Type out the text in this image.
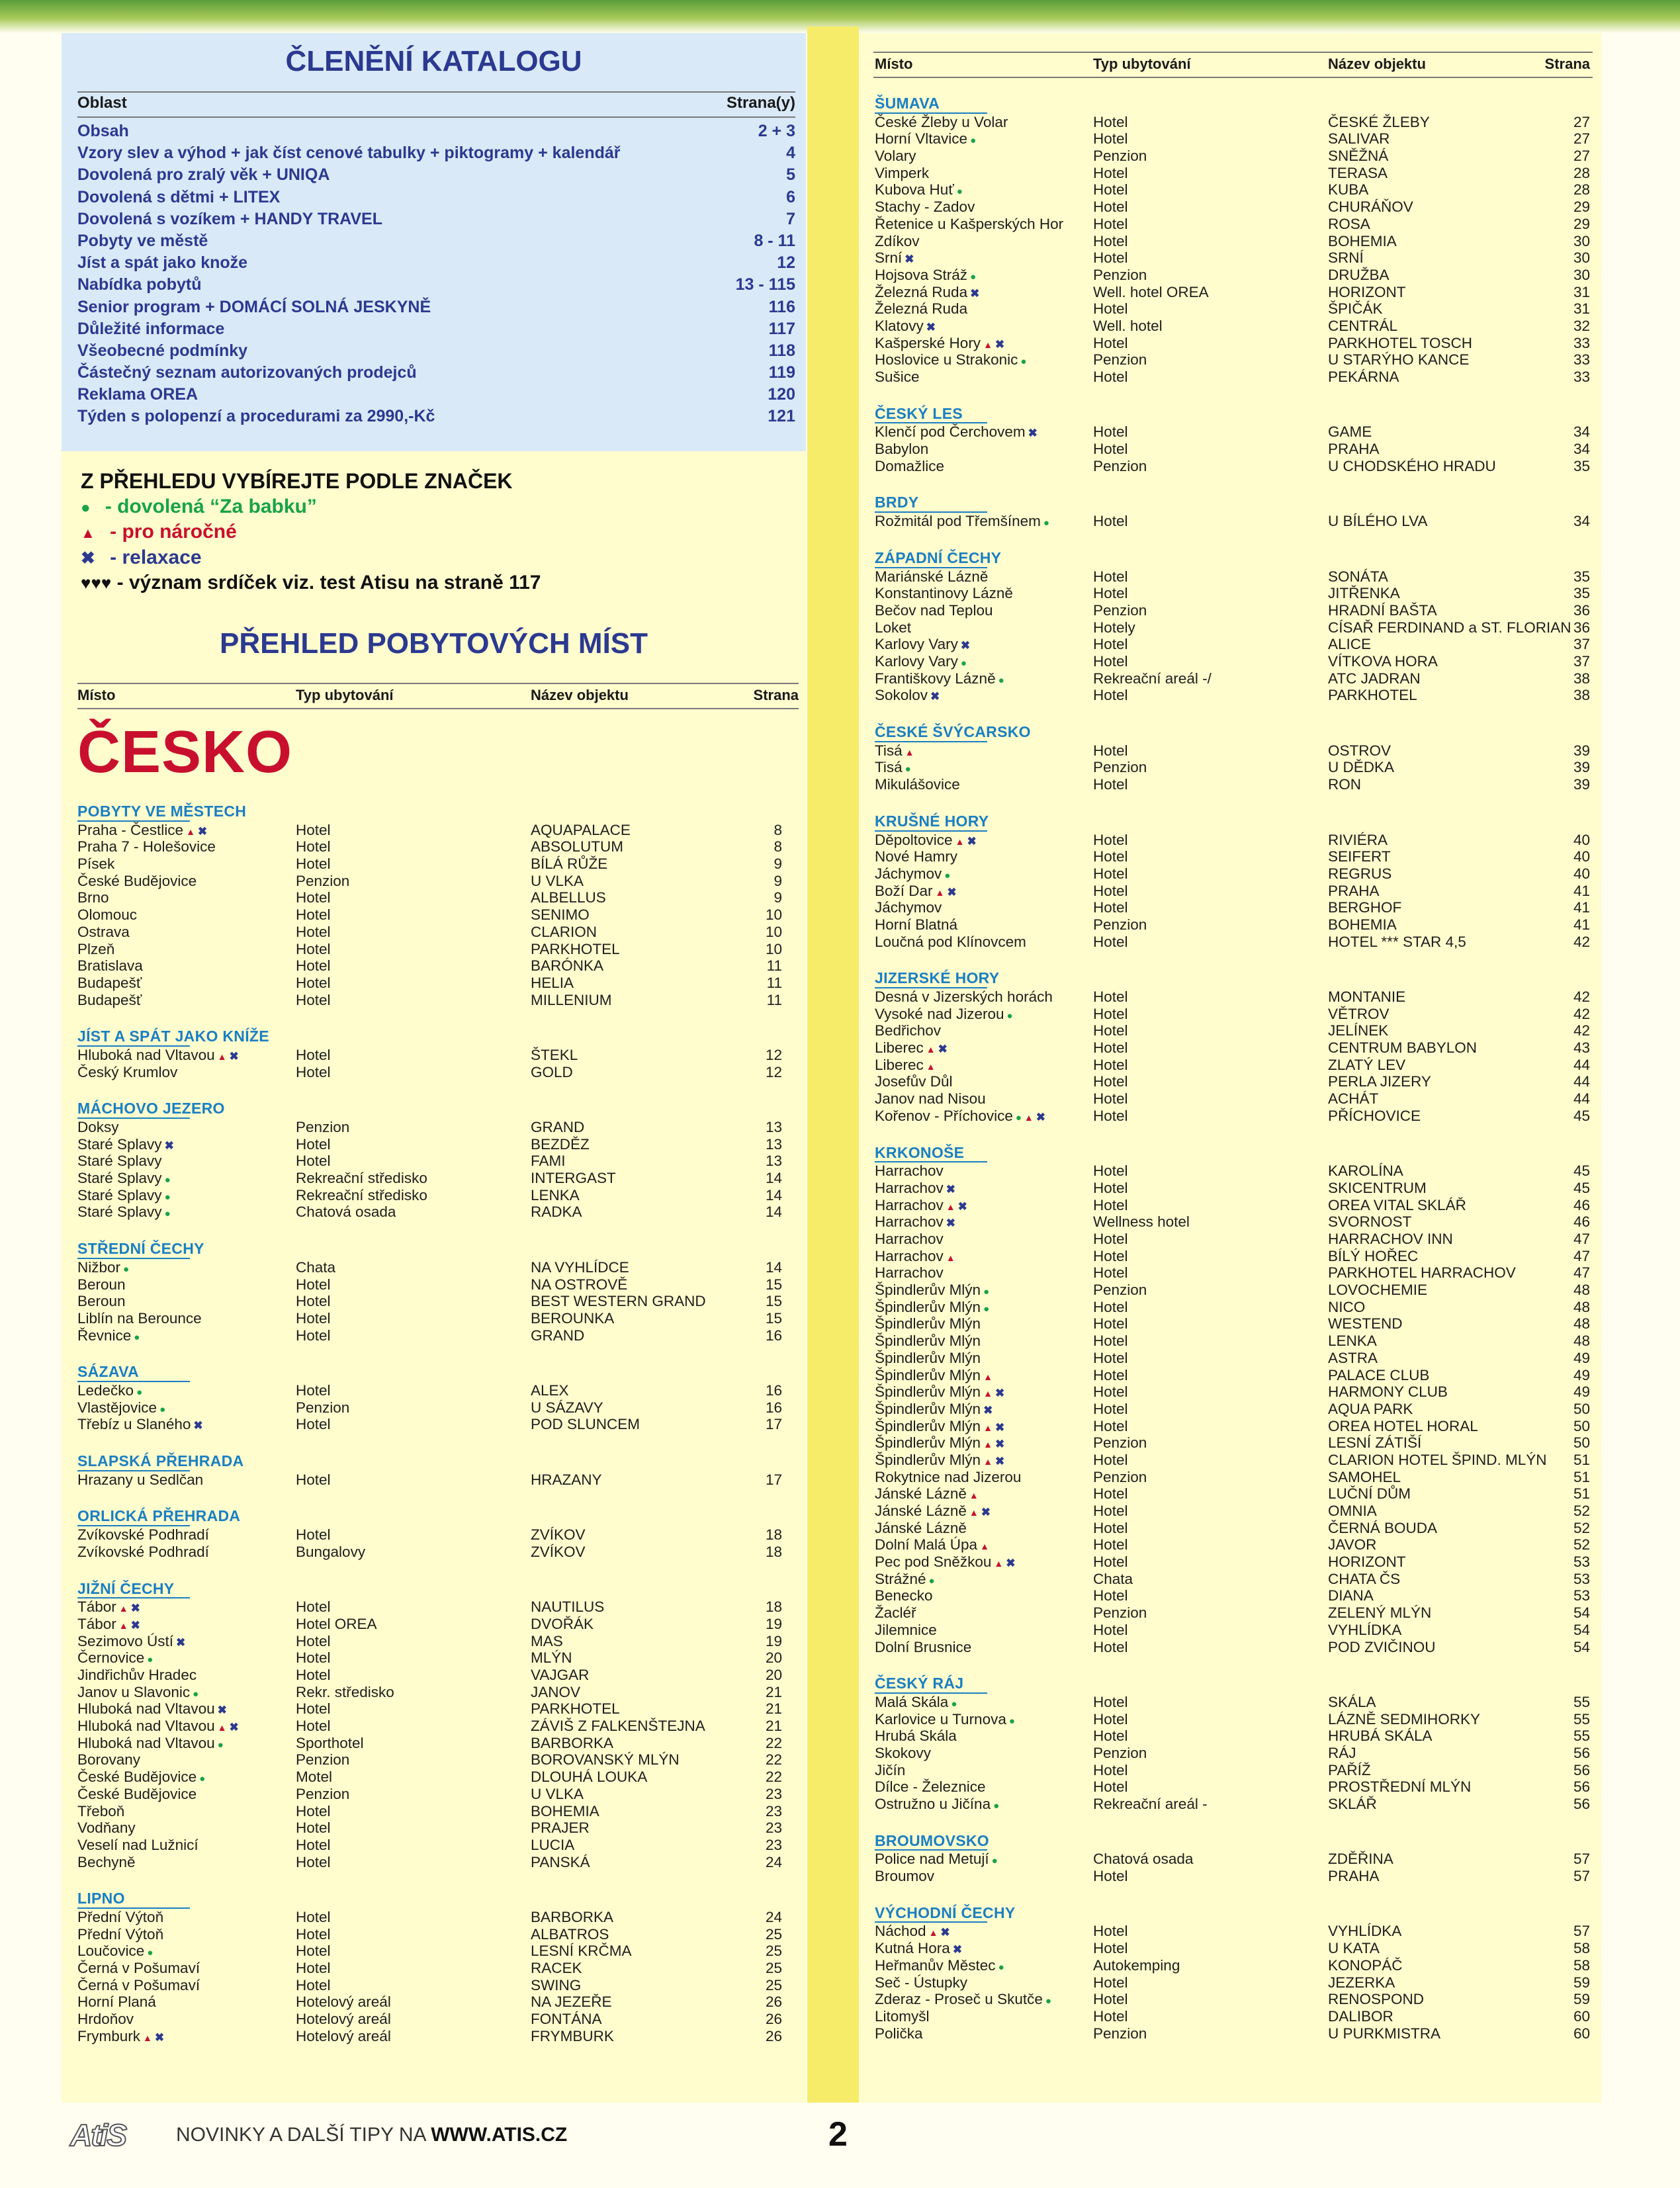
ČLENĚNÍ KATALOGU
Oblast	Strana(y)
Obsah	2 + 3
Vzory slev a výhod + jak číst cenové tabulky + piktogramy + kalendář	4
Dovolená pro zralý věk + UNIQA	5
Dovolená s dětmi + LITEX	6
Dovolená s vozíkem + HANDY TRAVEL	7
Pobyty ve městě	8 - 11
Jíst a spát jako knože	12
Nabídka pobytů	13 - 115
Senior program + DOMÁCÍ SOLNÁ JESKYNĚ	116
Důležité informace	117
Všeobecné podmínky	118
Částečný seznam autorizovaných prodejců	119
Reklama OREA	120
Týden s polopenzí a procedurami za 2990,-Kč	121
Z PŘEHLEDU VYBÍREJTE PODLE ZNAČEK
● - dovolená “Za babku”
▲ - pro náročné
✖ - relaxace
♥♥♥ - význam srdíček viz. test Atisu na straně 117
PŘEHLED POBYTOVÝCH MÍST
Místo	Typ ubytování	Název objektu	Strana
ČESKO
POBYTY VE MĚSTECH
Praha - Čestlice ▲ ✖	Hotel	AQUAPALACE	8
Praha 7 - Holešovice	Hotel	ABSOLUTUM	8
Písek	Hotel	BÍLÁ RŮŽE	9
České Budějovice	Penzion	U VLKA	9
Brno	Hotel	ALBELLUS	9
Olomouc	Hotel	SENIMO	10
Ostrava	Hotel	CLARION	10
Plzeň	Hotel	PARKHOTEL	10
Bratislava	Hotel	BARÓNKA	11
Budapešť	Hotel	HELIA	11
Budapešť	Hotel	MILLENIUM	11
JÍST A SPÁT JAKO KNÍŽE
Hluboká nad Vltavou ▲ ✖	Hotel	ŠTEKL	12
Český Krumlov	Hotel	GOLD	12
MÁCHOVO JEZERO
Doksy	Penzion	GRAND	13
Staré Splavy ✖	Hotel	BEZDĚZ	13
Staré Splavy	Hotel	FAMI	13
Staré Splavy ●	Rekreační středisko	INTERGAST	14
Staré Splavy ●	Rekreační středisko	LENKA	14
Staré Splavy ●	Chatová osada	RADKA	14
STŘEDNÍ ČECHY
Nižbor ●	Chata	NA VYHLÍDCE	14
Beroun	Hotel	NA OSTROVĚ	15
Beroun	Hotel	BEST WESTERN GRAND	15
Liblín na Berounce	Hotel	BEROUNKA	15
Řevnice ●	Hotel	GRAND	16
SÁZAVA
Ledečko ●	Hotel	ALEX	16
Vlastějovice ●	Penzion	U SÁZAVY	16
Třebíz u Slaného ✖	Hotel	POD SLUNCEM	17
SLAPSKÁ PŘEHRADA
Hrazany u Sedlčan	Hotel	HRAZANY	17
ORLICKÁ PŘEHRADA
Zvíkovské Podhradí	Hotel	ZVÍKOV	18
Zvíkovské Podhradí	Bungalovy	ZVÍKOV	18
JIŽNÍ ČECHY
Tábor ▲ ✖	Hotel	NAUTILUS	18
Tábor ▲ ✖	Hotel OREA	DVOŘÁK	19
Sezimovo Ústí ✖	Hotel	MAS	19
Černovice ●	Hotel	MLÝN	20
Jindřichův Hradec	Hotel	VAJGAR	20
Janov u Slavonic ●	Rekr. středisko	JANOV	21
Hluboká nad Vltavou ✖	Hotel	PARKHOTEL	21
Hluboká nad Vltavou ▲ ✖	Hotel	ZÁVIŠ Z FALKENŠTEJNA	21
Hluboká nad Vltavou ●	Sporthotel	BARBORKA	22
Borovany	Penzion	BOROVANSKÝ MLÝN	22
České Budějovice ●	Motel	DLOUHÁ LOUKA	22
České Budějovice	Penzion	U VLKA	23
Třeboň	Hotel	BOHEMIA	23
Vodňany	Hotel	PRAJER	23
Veselí nad Lužnicí	Hotel	LUCIA	23
Bechyně	Hotel	PANSKÁ	24
LIPNO
Přední Výtoň	Hotel	BARBORKA	24
Přední Výtoň	Hotel	ALBATROS	25
Loučovice ●	Hotel	LESNÍ KRČMA	25
Černá v Pošumaví	Hotel	RACEK	25
Černá v Pošumaví	Hotel	SWING	25
Horní Planá	Hotelový areál	NA JEZEŘE	26
Hrdoňov	Hotelový areál	FONTÁNA	26
Frymburk ▲ ✖	Hotelový areál	FRYMBURK	26
Místo	Typ ubytování	Název objektu	Strana
ŠUMAVA
České Žleby u Volar	Hotel	ČESKÉ ŽLEBY	27
Horní Vltavice ●	Hotel	SALIVAR	27
Volary	Penzion	SNĚŽNÁ	27
Vimperk	Hotel	TERASA	28
Kubova Huť ●	Hotel	KUBA	28
Stachy - Zadov	Hotel	CHURÁŇOV	29
Řetenice u Kašperských Hor	Hotel	ROSA	29
Zdíkov	Hotel	BOHEMIA	30
Srní ✖	Hotel	SRNÍ	30
Hojsova Stráž ●	Penzion	DRUŽBA	30
Železná Ruda ✖	Well. hotel OREA	HORIZONT	31
Železná Ruda	Hotel	ŠPIČÁK	31
Klatovy ✖	Well. hotel	CENTRÁL	32
Kašperské Hory ▲ ✖	Hotel	PARKHOTEL TOSCH	33
Hoslovice u Strakonic ●	Penzion	U STARÝHO KANCE	33
Sušice	Hotel	PEKÁRNA	33
ČESKÝ LES
Klenčí pod Čerchovem ✖	Hotel	GAME	34
Babylon	Hotel	PRAHA	34
Domažlice	Penzion	U CHODSKÉHO HRADU	35
BRDY
Rožmitál pod Třemšínem ●	Hotel	U BÍLÉHO LVA	34
ZÁPADNÍ ČECHY
Mariánské Lázně	Hotel	SONÁTA	35
Konstantinovy Lázně	Hotel	JITŘENKA	35
Bečov nad Teplou	Penzion	HRADNÍ BAŠTA	36
Loket	Hotely	CÍSAŘ FERDINAND a ST. FLORIAN 36
Karlovy Vary ✖	Hotel	ALICE	37
Karlovy Vary ●	Hotel	VÍTKOVA HORA	37
Františkovy Lázně ●	Rekreační areál -/	ATC JADRAN	38
Sokolov ✖	Hotel	PARKHOTEL	38
ČESKÉ ŠVÝCARSKO
Tisá ▲	Hotel	OSTROV	39
Tisá ●	Penzion	U DĚDKA	39
Mikulášovice	Hotel	RON	39
KRUŠNÉ HORY
Děpoltovice ▲ ✖	Hotel	RIVIÉRA	40
Nové Hamry	Hotel	SEIFERT	40
Jáchymov ●	Hotel	REGRUS	40
Boží Dar ▲ ✖	Hotel	PRAHA	41
Jáchymov	Hotel	BERGHOF	41
Horní Blatná	Penzion	BOHEMIA	41
Loučná pod Klínovcem	Hotel	HOTEL *** STAR 4,5	42
JIZERSKÉ HORY
Desná v Jizerských horách	Hotel	MONTANIE	42
Vysoké nad Jizerou ●	Hotel	VĚTROV	42
Bedřichov	Hotel	JELÍNEK	42
Liberec ▲ ✖	Hotel	CENTRUM BABYLON	43
Liberec ▲	Hotel	ZLATÝ LEV	44
Josefův Důl	Hotel	PERLA JIZERY	44
Janov nad Nisou	Hotel	ACHÁT	44
Kořenov - Příchovice ● ▲ ✖	Hotel	PŘÍCHOVICE	45
KRKONOŠE
Harrachov	Hotel	KAROLÍNA	45
Harrachov ✖	Hotel	SKICENTRUM	45
Harrachov ▲ ✖	Hotel	OREA VITAL SKLÁŘ	46
Harrachov ✖	Wellness hotel	SVORNOST	46
Harrachov	Hotel	HARRACHOV INN	47
Harrachov ▲	Hotel	BÍLÝ HOŘEC	47
Harrachov	Hotel	PARKHOTEL HARRACHOV	47
Špindlerův Mlýn ●	Penzion	LOVOCHEMIE	48
Špindlerův Mlýn ●	Hotel	NICO	48
Špindlerův Mlýn	Hotel	WESTEND	48
Špindlerův Mlýn	Hotel	LENKA	48
Špindlerův Mlýn	Hotel	ASTRA	49
Špindlerův Mlýn ▲	Hotel	PALACE CLUB	49
Špindlerův Mlýn ▲ ✖	Hotel	HARMONY CLUB	49
Špindlerův Mlýn ✖	Hotel	AQUA PARK	50
Špindlerův Mlýn ▲ ✖	Hotel	OREA HOTEL HORAL	50
Špindlerův Mlýn ▲ ✖	Penzion	LESNÍ ZÁTIŠÍ	50
Špindlerův Mlýn ▲ ✖	Hotel	CLARION HOTEL ŠPIND. MLÝN	51
Rokytnice nad Jizerou	Penzion	SAMOHEL	51
Jánské Lázně ▲	Hotel	LUČNÍ DŮM	51
Jánské Lázně ▲ ✖	Hotel	OMNIA	52
Jánské Lázně	Hotel	ČERNÁ BOUDA	52
Dolní Malá Úpa ▲	Hotel	JAVOR	52
Pec pod Sněžkou ▲ ✖	Hotel	HORIZONT	53
Strážné ●	Chata	CHATA ČS	53
Benecko	Hotel	DIANA	53
Žacléř	Penzion	ZELENÝ MLÝN	54
Jilemnice	Hotel	VYHLÍDKA	54
Dolní Brusnice	Hotel	POD ZVIČINOU	54
ČESKÝ RÁJ
Malá Skála ●	Hotel	SKÁLA	55
Karlovice u Turnova ●	Hotel	LÁZNĚ SEDMIHORKY	55
Hrubá Skála	Hotel	HRUBÁ SKÁLA	55
Skokovy	Penzion	RÁJ	56
Jičín	Hotel	PAŘÍŽ	56
Dílce - Železnice	Hotel	PROSTŘEDNÍ MLÝN	56
Ostružno u Jičína ●	Rekreační areál -	SKLÁŘ	56
BROUMOVSKO
Police nad Metují ●	Chatová osada	ZDĚŘINA	57
Broumov	Hotel	PRAHA	57
VÝCHODNÍ ČECHY
Náchod ▲ ✖	Hotel	VYHLÍDKA	57
Kutná Hora ✖	Hotel	U KATA	58
Heřmanův Městec ●	Autokemping	KONOPÁČ	58
Seč - Ústupky	Hotel	JEZERKA	59
Zderaz - Proseč u Skutče ●	Hotel	RENOSPOND	59
Litomyšl	Hotel	DALIBOR	60
Polička	Penzion	U PURKMISTRA	60
AtiS	NOVINKY A DALŠÍ TIPY NA WWW.ATIS.CZ	2
